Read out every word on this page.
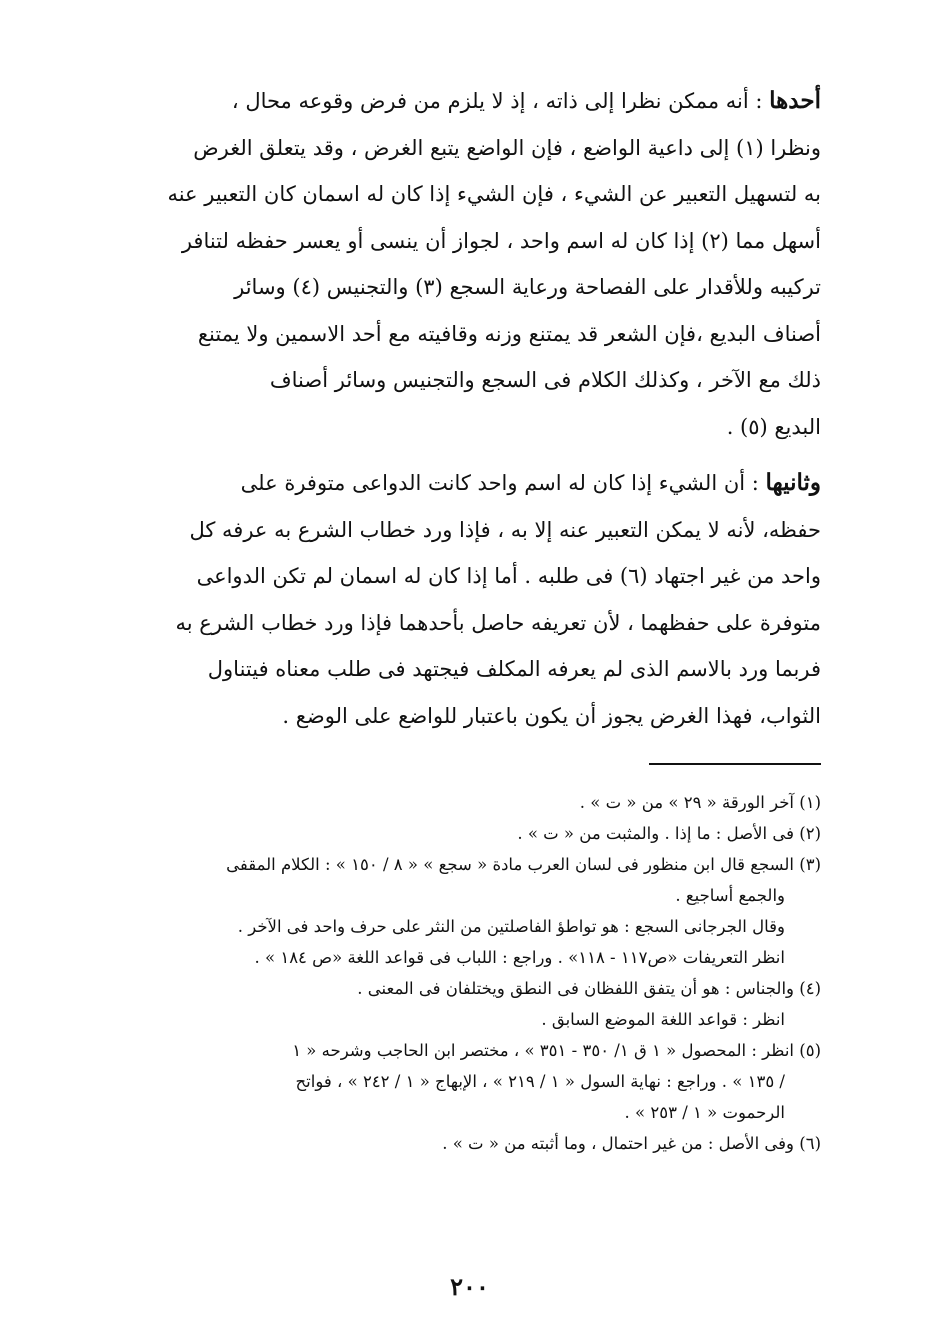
أحدها : أنه ممكن نظرا إلى ذاته ، إذ لا يلزم من فرض وقوعه محال ،
ونظرا (١) إلى داعية الواضع ، فإن الواضع يتبع الغرض ، وقد يتعلق الغرض
به لتسهيل التعبير عن الشيء ، فإن الشيء إذا كان له اسمان كان التعبير عنه
أسهل مما (٢) إذا كان له اسم واحد ، لجواز أن ينسى أو يعسر حفظه لتنافر
تركيبه وللأقدار على الفصاحة ورعاية السجع (٣) والتجنيس (٤) وسائر
أصناف البديع ،فإن الشعر قد يمتنع وزنه وقافيته مع أحد الاسمين ولا يمتنع
ذلك مع الآخر ، وكذلك الكلام فى السجع والتجنيس وسائر أصناف
البديع (٥) .
وثانيها : أن الشيء إذا كان له اسم واحد كانت الدواعى متوفرة على
حفظه، لأنه لا يمكن التعبير عنه إلا به ، فإذا ورد خطاب الشرع به عرفه كل
واحد من غير اجتهاد (٦) فى طلبه . أما إذا كان له اسمان لم تكن الدواعى
متوفرة على حفظهما ، لأن تعريفه حاصل بأحدهما فإذا ورد خطاب الشرع به
فربما ورد بالاسم الذى لم يعرفه المكلف فيجتهد فى طلب معناه فيتناول
الثواب، فهذا الغرض يجوز أن يكون باعتبار للواضع على الوضع .
(١) آخر الورقة « ٢٩ » من « ت » .
(٢) فى الأصل : ما إذا . والمثبت من « ت » .
(٣) السجع قال ابن منظور فى لسان العرب مادة « سجع » « ٨ / ١٥٠ » : الكلام المقفى
والجمع أساجيع .
وقال الجرجانى السجع : هو تواطؤ الفاصلتين من النثر على حرف واحد فى الآخر .
انظر التعريفات «ص١١٧ - ١١٨» . وراجع : اللباب فى قواعد اللغة «ص ١٨٤ » .
(٤) والجناس : هو أن يتفق اللفظان فى النطق ويختلفان فى المعنى .
انظر : قواعد اللغة الموضع السابق .
(٥) انظر : المحصول « ١ ق ١/ ٣٥٠ - ٣٥١ » ، مختصر ابن الحاجب وشرحه « ١
/ ١٣٥ » . وراجع : نهاية السول « ١ / ٢١٩ » ، الإبهاج « ١ / ٢٤٢ » ، فواتح
الرحموت « ١ / ٢٥٣ » .
(٦) وفى الأصل : من غير احتمال ، وما أثبته من « ت » .
٢٠٠
